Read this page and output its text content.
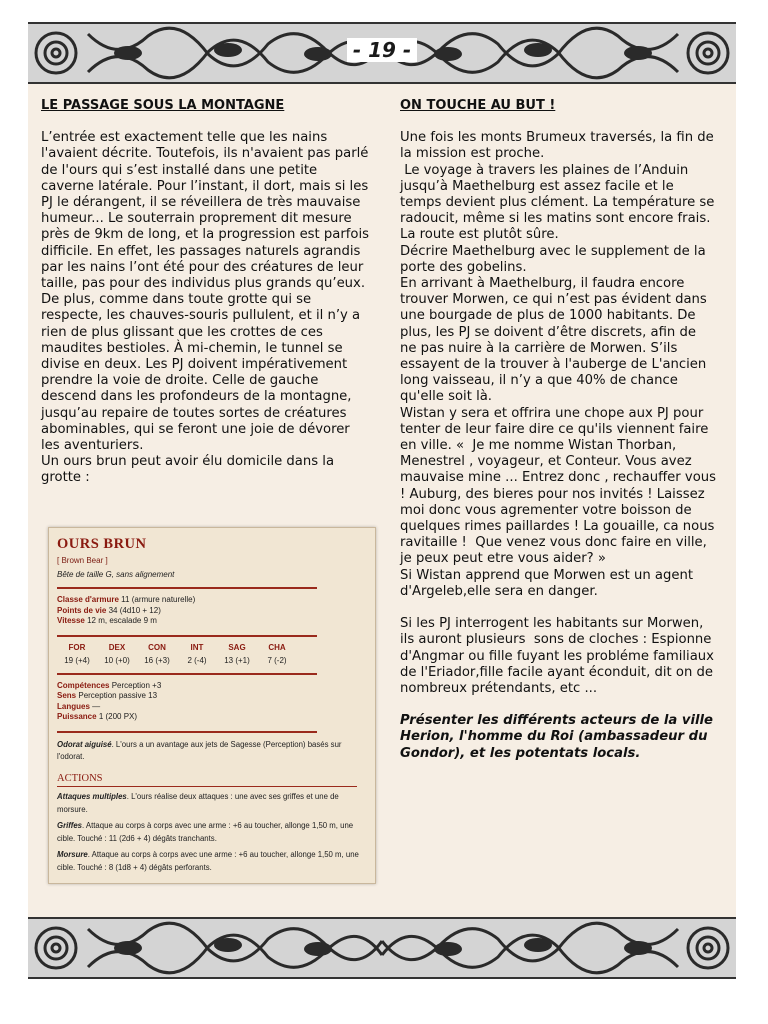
- 19 -

LE PASSAGE SOUS LA MONTAGNE

L’entrée est exactement telle que les nains l'avaient décrite. Toutefois, ils n'avaient pas parlé de l'ours qui s’est installé dans une petite caverne latérale. Pour l’instant, il dort, mais si les PJ le dérangent, il se réveillera de très mauvaise humeur... Le souterrain proprement dit mesure près de 9km de long, et la progression est parfois difficile. En effet, les passages naturels agrandis par les nains l’ont été pour des créatures de leur taille, pas pour des individus plus grands qu’eux. De plus, comme dans toute grotte qui se respecte, les chauves-souris pullulent, et il n’y a rien de plus glissant que les crottes de ces maudites bestioles. À mi-chemin, le tunnel se divise en deux. Les PJ doivent impérativement prendre la voie de droite. Celle de gauche descend dans les profondeurs de la montagne, jusqu’au repaire de toutes sortes de créatures abominables, qui se feront une joie de dévorer les aventuriers.

Un ours brun peut avoir élu domicile dans la grotte :

OURS BRUN
[ Brown Bear ]
Bête de taille G, sans alignement
Classe d'armure 11 (armure naturelle)
Points de vie 34 (4d10 + 12)
Vitesse 12 m, escalade 9 m
FOR	DEX	CON	INT	SAG	CHA
19 (+4)	10 (+0)	16 (+3)	2 (-4)	13 (+1)	7 (-2)
Compétences Perception +3
Sens Perception passive 13
Langues —
Puissance 1 (200 PX)
Odorat aiguisé. L'ours a un avantage aux jets de Sagesse (Perception) basés sur l'odorat.
ACTIONS
Attaques multiples. L'ours réalise deux attaques : une avec ses griffes et une de morsure.
Griffes. Attaque au corps à corps avec une arme : +6 au toucher, allonge 1,50 m, une cible. Touché : 11 (2d6 + 4) dégâts tranchants.
Morsure. Attaque au corps à corps avec une arme : +6 au toucher, allonge 1,50 m, une cible. Touché : 8 (1d8 + 4) dégâts perforants.

ON TOUCHE AU BUT !

Une fois les monts Brumeux traversés, la fin de la mission est proche.
Le voyage à travers les plaines de l’Anduin jusqu’à Maethelburg est assez facile et le temps devient plus clément. La température se radoucit, même si les matins sont encore frais. La route est plutôt sûre.
Décrire Maethelburg avec le supplement de la porte des gobelins.
En arrivant à Maethelburg, il faudra encore trouver Morwen, ce qui n’est pas évident dans une bourgade de plus de 1000 habitants. De plus, les PJ se doivent d’être discrets, afin de ne pas nuire à la carrière de Morwen. S’ils essayent de la trouver à l'auberge de L'ancien long vaisseau, il n’y a que 40% de chance qu'elle soit là.
Wistan y sera et offrira une chope aux PJ pour tenter de leur faire dire ce qu'ils viennent faire en ville. «  Je me nomme Wistan Thorban, Menestrel , voyageur, et Conteur. Vous avez mauvaise mine ... Entrez donc , rechauffer vous ! Auburg, des bieres pour nos invités ! Laissez moi donc vous agrementer votre boisson de quelques rimes paillardes ! La gouaille, ca nous ravitaille !  Que venez vous donc faire en ville, je peux peut etre vous aider? »
Si Wistan apprend que Morwen est un agent d'Argeleb,elle sera en danger.

Si les PJ interrogent les habitants sur Morwen, ils auront plusieurs  sons de cloches : Espionne d'Angmar ou fille fuyant les probléme familiaux de l'Eriador,fille facile ayant éconduit, dit on de nombreux prétendants, etc ...

Présenter les différents acteurs de la ville Herion, l'homme du Roi (ambassadeur du Gondor), et les potentats locals.
